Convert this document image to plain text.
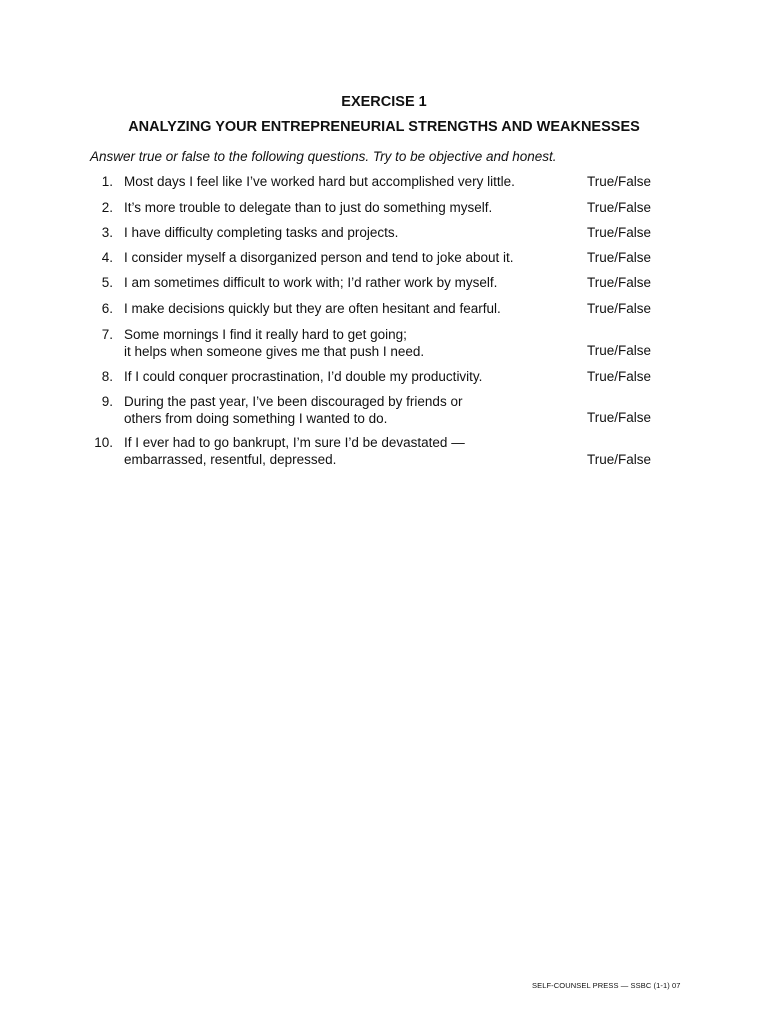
EXERCISE 1
ANALYZING YOUR ENTREPRENEURIAL STRENGTHS AND WEAKNESSES
Answer true or false to the following questions. Try to be objective and honest.
1. Most days I feel like I’ve worked hard but accomplished very little.	True/False
2. It’s more trouble to delegate than to just do something myself.	True/False
3. I have difficulty completing tasks and projects.	True/False
4. I consider myself a disorganized person and tend to joke about it.	True/False
5. I am sometimes difficult to work with; I’d rather work by myself.	True/False
6. I make decisions quickly but they are often hesitant and fearful.	True/False
7. Some mornings I find it really hard to get going;
it helps when someone gives me that push I need.	True/False
8. If I could conquer procrastination, I’d double my productivity.	True/False
9. During the past year, I’ve been discouraged by friends or
others from doing something I wanted to do.	True/False
10. If I ever had to go bankrupt, I’m sure I’d be devastated —
embarrassed, resentful, depressed.	True/False
SELF-COUNSEL PRESS — SSBC (1-1) 07
